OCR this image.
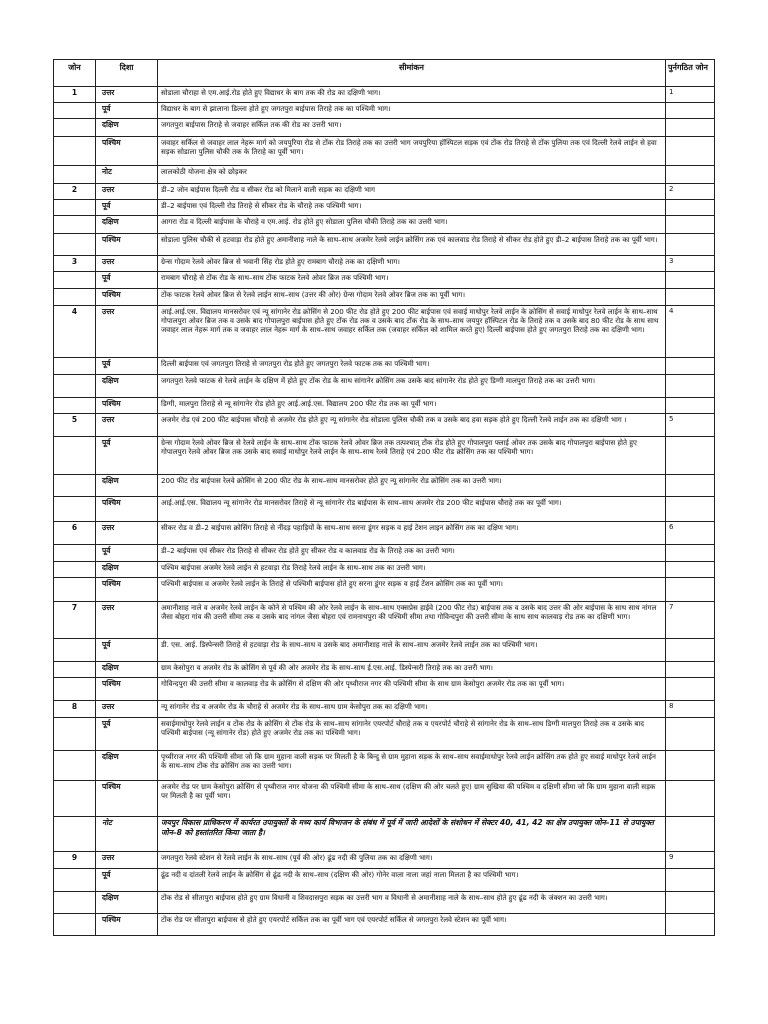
जोन	दिशा	सीमांकन	पुर्नगठित जोन
1	उत्तर	सोडाला चौराहा से एम.आई.रोड होते हुए विद्याधर के बाग तक की रोड का दक्षिणी भाग।	1
	पूर्व	विद्याधर के बाग से झालाना डिल्ला होते हुए जगतपुरा बाईपास तिराहे तक का पश्चिमी भाग।	
	दक्षिण	जगतपुरा बाईपास तिराहे से जवाहर सर्किल तक की रोड का उत्तरी भाग।	
	पश्चिम	जवाहर सर्किल से जवाहर लाल नेहरू मार्ग को जयपुरिया रोड से टोंक रोड तिराहे तक का उत्तरी भाग जयपुरिया हॉस्पिटल सड़क एवं टोंक रोड तिराहे से टोंक पुलिया तक एवं दिल्ली रेलवे लाईन से हवा सड़क सोडाला पुलिस चौकी तक के तिराहे का पूर्वी भाग।	
	नोट	लालकोठी योजना क्षेत्र को छोड़कर	
2	उत्तर	डी–2 जोन बाईपास दिल्ली रोड व सीकर रोड को मिलाने वाली सड़क का दक्षिणी भाग	2
	पूर्व	डी–2 बाईपास एवं दिल्ली रोड तिराहे से सीकर रोड के चौराहे तक पश्चिमी भाग।	
	दक्षिण	आगरा रोड व दिल्ली बाईपास के चौराहे व एम.आई. रोड होते हुए सोडाला पुलिस चौकी तिराहे तक का उत्तरी भाग।	
	पश्चिम	सोडाला पुलिस चौकी से हटवाड़ा रोड होते हुए अमानीशाह नाले के साथ–साथ अजमेर रेलवे लाईन क्रोसिंग तक एवं कालवाड रोड तिराहे से सीकर रोड होते हुए डी–2 बाईपास तिराहे तक का पूर्वी भाग।	
3	उत्तर	ग्रेन्स गोदाम रेलवे ओवर ब्रिज से भवानी सिंह रोड होते हुए रामबाग चौराहे तक का दक्षिणी भाग।	3
	पूर्व	रामबाग चौराहे से टोंक रोड के साथ–साथ टोंक फाटक रेलवे ओवर ब्रिज तक पश्चिमी भाग।	
	पश्चिम	टोंक फाटक रेलवे ओवर ब्रिज से रेलवे लाईन साथ–साथ (उत्तर की ओर) ग्रेन्स गोदाम रेलवे ओवर ब्रिज तक का पूर्वी भाग।	
4	उत्तर	आई.आई.एस. विद्यालय मानसरोवर एवं न्यू सांगानेर रोड क्रोसिंग से 200 फीट रोड होते हुए 200 फीट बाईपास एवं सवाई माधोपुर रेलवे लाईन के क्रोसिंग से सवाई माधोपुर रेलवे लाईन के साथ–साथ गोपालपुरा ओवर ब्रिज तक व उसके बाद गोपालपुरा बाईपास होते हुए टोंक रोड तक व उसके बाद टोंक रोड के साथ–साथ जयपुर हॉस्पिटल रोड के तिराहे तक व उसके बाद 80 फीट रोड के साथ साथ जवाहर लाल नेहरू मार्ग तक व जवाहर लाल नेहरू मार्ग के साथ–साथ जवाहर सर्किल तक (जवाहर सर्किल को शामिल करते हुए) दिल्ली बाईपास होते हुए जगतपुरा तिराहे तक का दक्षिणी भाग।	4
	पूर्व	दिल्ली बाईपास एवं जगतपुरा तिराहे से जगतपुरा रोड होते हुए जगतपुरा रेलवे फाटक तक का पश्चिमी भाग।	
	दक्षिण	जगतपुरा रेलवे फाटक से रेलवे लाईन के दक्षिण में होते हुए टोंक रोड के साथ सांगानेर क्रोसिंग तक उसके बाद सांगानेर रोड होते हुए डिग्गी मालपुरा तिराहे तक का उत्तरी भाग।	
	पश्चिम	डिग्गी, मालपुरा तिराहे से न्यू सांगानेर रोड होते हुए आई.आई.एस. विद्यालय 200 फीट रोड तक का पूर्वी भाग।	
5	उत्तर	अजमेर रोड एवं 200 फीट बाईपास चौराहे से अजमेर रोड होते हुए न्यू सांगानेर रोड सोडाला पुलिस चौकी तक व उसके बाद हवा सड़क होते हुए दिल्ली रेलवे लाईन तक का दक्षिणी भाग ।	5
	पूर्व	ग्रेन्स गोदाम रेलवे ओवर ब्रिज से रेलवे लाईन के साथ–साथ टोंक फाटक रेलवे ओवर ब्रिज तक तत्पश्चात् टोंक रोड होते हुए गोपालपुरा फ्लाई ओवर तक उसके बाद गोपालपुरा बाईपास होते हुए गोपालपुरा रेलवे ओवर ब्रिज तक उसके बाद सवाई माधोपुर रेलवे लाईन के साथ–साथ रेलवे तिराहे एवं 200 फीट रोड क्रोसिंग तक का पश्चिमी भाग।	
	दक्षिण	200 फीट रोड बाईपास रेलवे क्रोसिंग से 200 फीट रोड के साथ–साथ मानसरोवर होते हुए न्यू सांगानेर रोड क्रोसिंग तक का उत्तरी भाग।	
	पश्चिम	आई.आई.एस. विद्यालय न्यू सांगानेर रोड मानसरोवर तिराहे से न्यू सांगानेर रोड बाईपास के साथ–साथ अजमेर रोड 200 फीट बाईपास चौराहे तक का पूर्वी भाग।	
6	उत्तर	सीकर रोड व डी–2 बाईपास क्रोसिंग तिराहे से नींदड़ पहाड़ियों के साथ–साथ सरना डूंगर सड़क व हाई टेंशन लाइन क्रोसिंग तक का दक्षिण भाग।	6
	पूर्व	डी–2 बाईपास एवं सीकर रोड तिराहे से सीकर रोड होते हुए सीकर रोड व कालवाड रोड के तिराहे तक का उत्तरी भाग।	
	दक्षिण	पश्चिम बाईपास अजमेर रेलवे लाईन से हटवाड़ा रोड तिराहे रेलवे लाईन के साथ–साथ तक का उत्तरी भाग।	
	पश्चिम	पश्चिमी बाईपास व अजमेर रेलवे लाईन के तिराहे से पश्चिमी बाईपास होते हुए सरना डूंगर सड़क व हाई टेंशन क्रोसिंग तक का पूर्वी भाग।	
7	उत्तर	अमानीशाह नाले व अजमेर रेलवे लाईन के कोने से पश्चिम की ओर रेलवे लाईन के साथ–साथ एक्सप्रेस हाईवे (200 फीट रोड) बाईपास तक व उसके बाद उत्तर की ओर बाईपास के साथ साथ नांगल जैसा बोहरा गांव की उत्तरी सीमा तक व उसके बाद नांगल जैसा बोहरा एवं रामनाथपुरा की पश्चिमी सीमा तथा गोविन्दपुरा की उत्तरी सीमा के साथ साथ कालवाड़ रोड तक का दक्षिणी भाग।	7
	पूर्व	डी. एस. आई. डिस्पेन्सरी तिराहे से हटवाड़ा रोड के साथ–साथ व उसके बाद अमानीशाह नाले के साथ–साथ अजमेर रेलवे लाईन तक का पश्चिमी भाग।	
	दक्षिण	ग्राम केसोपुरा व अजमेर रोड के क्रोसिंग से पूर्व की ओर अजमेर रोड के साथ–साथ ई.एस.आई. डिस्पेन्सरी तिराहे तक का उत्तरी भाग।	
	पश्चिम	गोविन्दपुरा की उत्तरी सीमा व कालवाड़ रोड के क्रोसिंग से दक्षिण की ओर पृथ्वीराज नगर की पश्चिमी सीमा के साथ ग्राम केसोपुरा अजमेर रोड तक का पूर्वी भाग।	
8	उत्तर	न्यू सांगानेर रोड व अजमेर रोड के चौराहे से अजमेर रोड के साथ–साथ ग्राम केसोपुरा तक का दक्षिणी भाग।	8
	पूर्व	सवाईमाधोपुर रेलवे लाईन व टोंक रोड के क्रोसिंग से टोंक रोड के साथ–साथ सांगानेर एयरपोर्ट चौराहे तक व एयरपोर्ट चौराहे से सांगानेर रोड के साथ–साथ डिग्गी मालपुरा तिराहे तक व उसके बाद पश्चिमी बाईपास (न्यू सांगानेर रोड) होते हुए अजमेर रोड तक का पश्चिमी भाग।	
	दक्षिण	पृथ्वीराज नगर की पश्चिमी सीमा जो कि ग्राम मुहाना वाली सड़क पर मिलती है के बिन्दु से ग्राम मुहाना सड़क के साथ–साथ सवाईमाधोपुर रेलवे लाईन क्रोसिंग तक होते हुए सवाई माधोपुर रेलवे लाईन के साथ–साथ टोंक रोड क्रोसिंग तक का उत्तरी भाग।	
	पश्चिम	अजमेर रोड पर ग्राम केसोपुरा क्रोसिंग से पृथ्वीराज नगर योजना की पश्चिमी सीमा के साथ–साथ (दक्षिण की ओर चलते हुए) ग्राम सुखिया की पश्चिम व दक्षिणी सीमा जो कि ग्राम मुहाना वाली सड़क पर मिलती है का पूर्वी भाग।	
	नोट	जयपुर विकास प्राधिकरण में कार्यरत उपायुक्तों के मध्य कार्य विभाजन के संबंध में पूर्व में जारी आदेशों के संशोधन में सेक्टर 40, 41, 42 का क्षेत्र उपायुक्त जोन–11 से उपायुक्त जोन–8 को हस्तांतरित किया जाता है।	
9	उत्तर	जगतपुरा रेलवे स्टेशन से रेलवे लाईन के साथ–साथ (पूर्व की ओर) ढूंढ नदी की पुलिया तक का दक्षिणी भाग।	9
	पूर्व	ढूंढ नदी व दांतली रेलवे लाईन के क्रोसिंग से ढूंढ नदी के साथ–साथ (दक्षिण की ओर) गोनेर वाला नाला जहां नाला मिलता है का पश्चिमी भाग।	
	दक्षिण	टोंक रोड से सीतापुरा बाईपास होते हुए ग्राम विधानी व शिवदासपुरा सड़क का उत्तरी भाग व विधानी से अमानीशाह नाले के साथ–साथ होते हुए ढूंढ नदी के जंक्शन का उत्तरी भाग।	
	पश्चिम	टोंक रोड पर सीतापुरा बाईपास से होते हुए एयरपोर्ट सर्किल तक का पूर्वी भाग एवं एयरपोर्ट सर्किल से जगतपुरा रेलवे स्टेशन का पूर्वी भाग।	
